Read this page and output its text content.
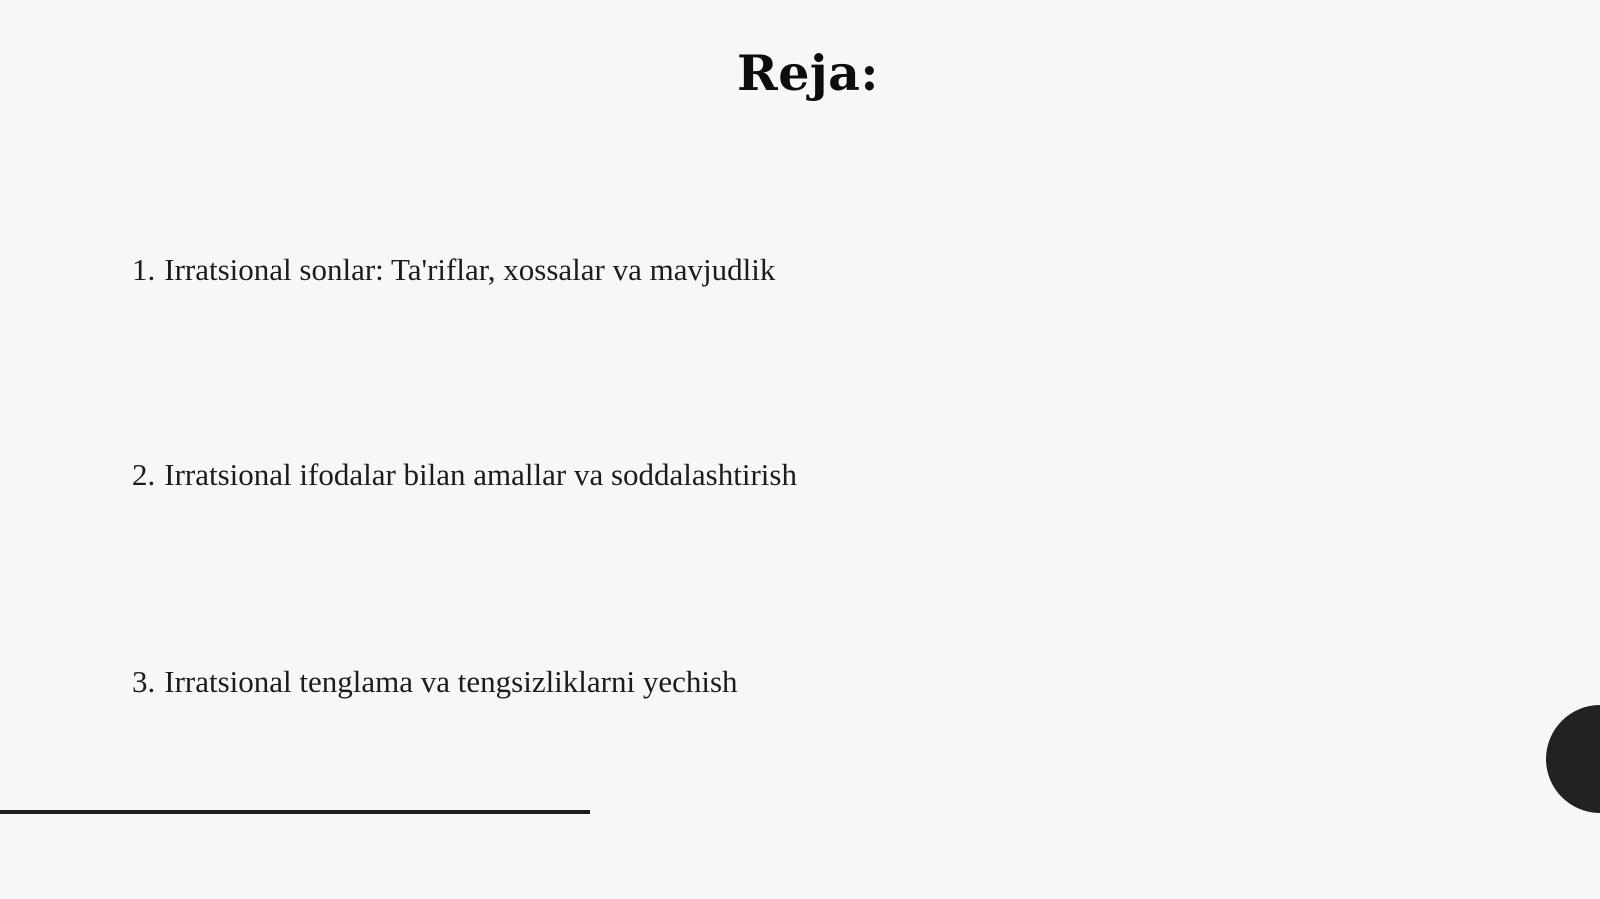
Reja:
1. Irratsional sonlar: Ta'riflar, xossalar va mavjudlik
2. Irratsional ifodalar bilan amallar va soddalashtirish
3. Irratsional tenglama va tengsizliklarni yechish
